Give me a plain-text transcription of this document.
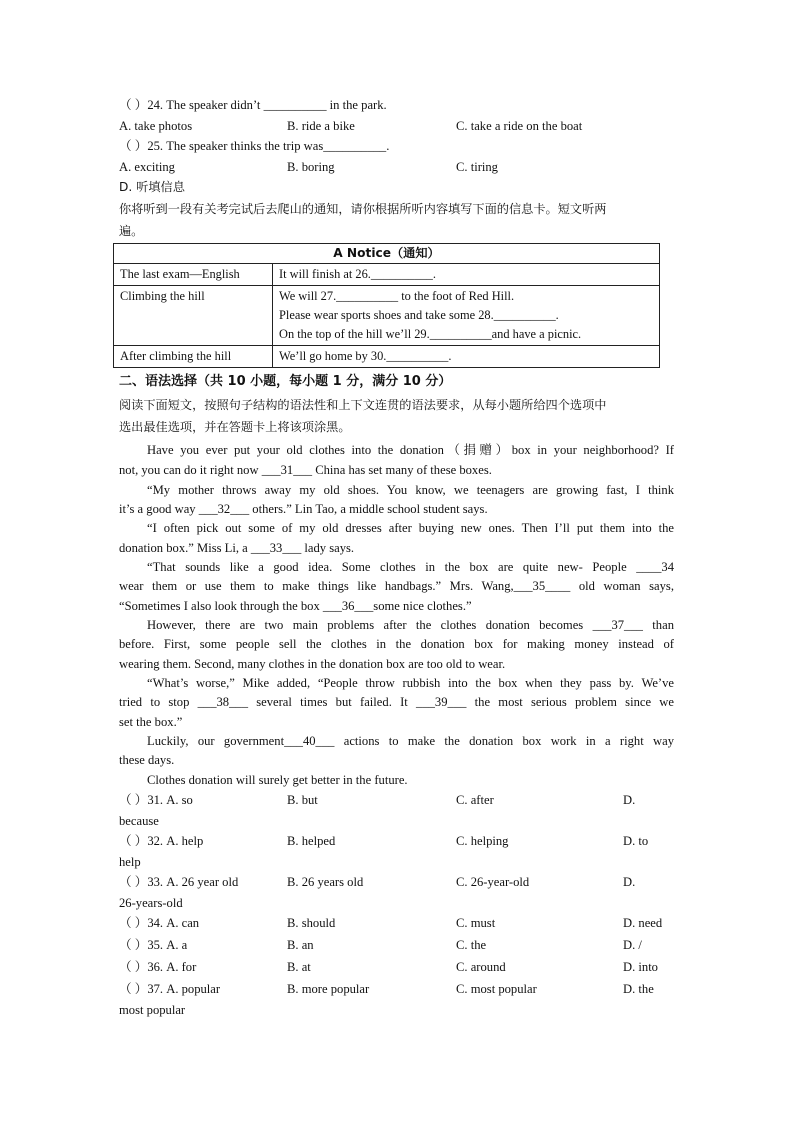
（ ）24. The speaker didn’t __________ in the park.
A. take photos	B. ride a bike	C. take a ride on the boat
（ ）25. The speaker thinks the trip was__________.
A. exciting	B. boring	C. tiring
D. 听填信息
你将听到一段有关考完试后去爬山的通知，请你根据所听内容填写下面的信息卡。短文听两
遍。
A Notice（通知）	
The last exam—English	It will finish at 26.__________.
Climbing the hill	We will 27.__________ to the foot of Red Hill.
Please wear sports shoes and take some 28.__________.
On the top of the hill we’ll 29.__________and have a picnic.

After climbing the hill	We’ll go home by 30.__________.
二、语法选择（共 10 小题，每小题 1 分，满分 10 分）
阅读下面短文，按照句子结构的语法性和上下文连贯的语法要求，从每小题所给四个选项中
选出最佳选项，并在答题卡上将该项涂黑。
Have you ever put your old clothes into the donation（捐赠）box in your neighborhood? If
not, you can do it right now ___31___ China has set many of these boxes.
“My mother throws away my old shoes. You know, we teenagers are growing fast, I think
it’s a good way ___32___ others.” Lin Tao, a middle school student says.
“I often pick out some of my old dresses after buying new ones. Then I’ll put them into the
donation box.” Miss Li, a ___33___ lady says.
“That sounds like a good idea. Some clothes in the box are quite new- People ____34
wear them or use them to make things like handbags.” Mrs. Wang,___35____ old woman says,
“Sometimes I also look through the box ___36___some nice clothes.”
However, there are two main problems after the clothes donation becomes ___37___ than
before. First, some people sell the clothes in the donation box for making money instead of
wearing them. Second, many clothes in the donation box are too old to wear.
“What’s worse,” Mike added, “People throw rubbish into the box when they pass by. We’ve
tried to stop ___38___ several times but failed. It ___39___ the most serious problem since we
set the box.”
Luckily, our government___40___ actions to make the donation box work in a right way
these days.
Clothes donation will surely get better in the future.
（ ）31. A. so	B. but	C. after	D.
because
（ ）32. A. help	B. helped	C. helping	D. to
help
（ ）33. A. 26 year old	B. 26 years old	C. 26-year-old	D.
26-years-old
（ ）34. A. can	B. should	C. must	D. need
（ ）35. A. a	B. an	C. the	D. /
（ ）36. A. for	B. at	C. around	D. into
（ ）37. A. popular	B. more popular	C. most popular	D. the
most popular
